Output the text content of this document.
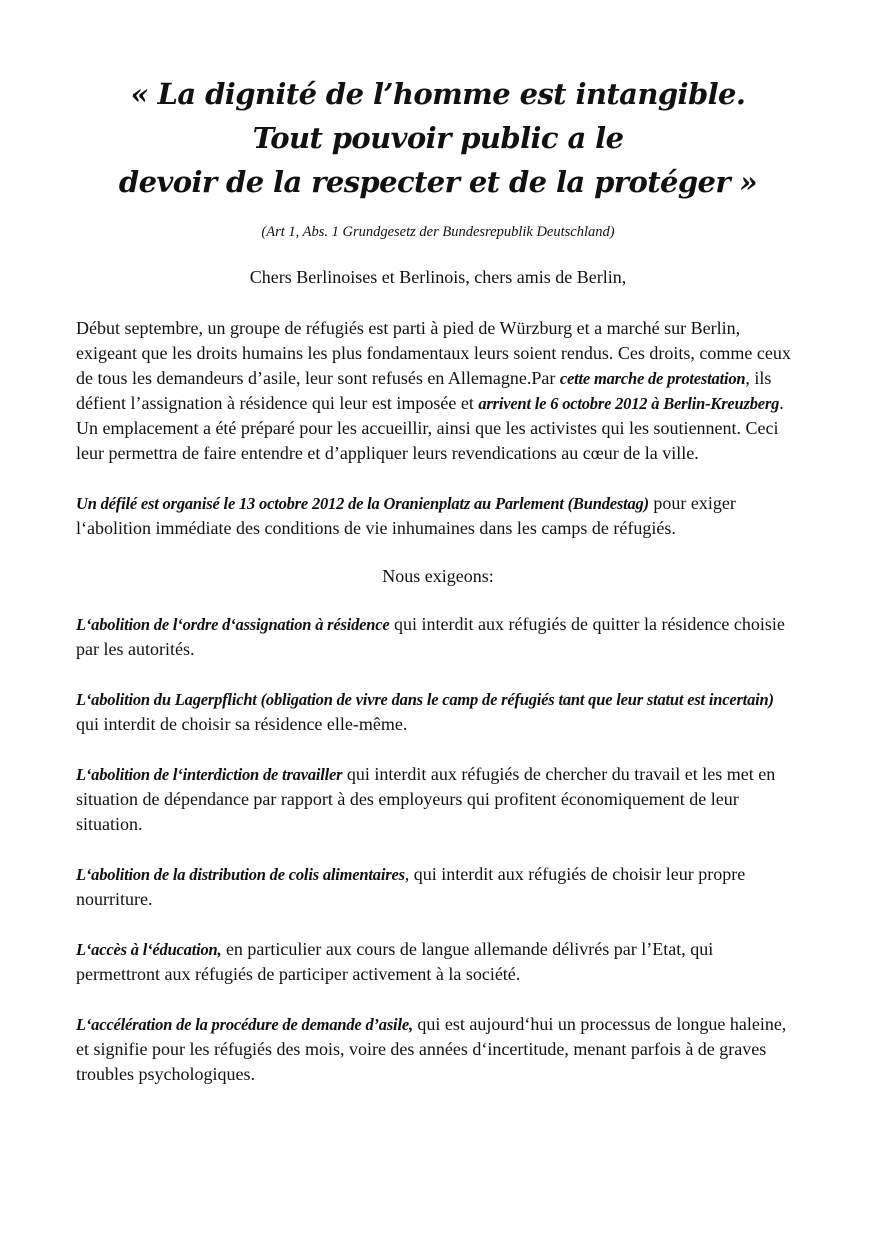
« La dignité de l’homme est intangible.
Tout pouvoir public a le
devoir de la respecter et de la protéger »
(Art 1, Abs. 1 Grundgesetz der Bundesrepublik Deutschland)
Chers Berlinoises et Berlinois, chers amis de Berlin,

Début septembre, un groupe de réfugiés est parti à pied de Würzburg et a marché sur Berlin, exigeant que les droits humains les plus fondamentaux leurs soient rendus. Ces droits, comme ceux de tous les demandeurs d’asile, leur sont refusés en Allemagne.Par cette marche de protestation, ils défient l’assignation à résidence qui leur est imposée et arrivent le 6 octobre 2012 à Berlin-Kreuzberg. Un emplacement a été préparé pour les accueillir, ainsi que les activistes qui les soutiennent. Ceci leur permettra de faire entendre et d’appliquer leurs revendications au cœur de la ville.

Un défilé est organisé le 13 octobre 2012 de la Oranienplatz au Parlement (Bundestag) pour exiger l‘abolition immédiate des conditions de vie inhumaines dans les camps de réfugiés.

Nous exigeons:

L‘abolition de l‘ordre d‘assignation à résidence qui interdit aux réfugiés de quitter la résidence choisie par les autorités.

L‘abolition du Lagerpflicht (obligation de vivre dans le camp de réfugiés tant que leur statut est incertain) qui interdit de choisir sa résidence elle-même.

L‘abolition de l‘interdiction de travailler qui interdit aux réfugiés de chercher du travail et les met en situation de dépendance par rapport à des employeurs qui profitent économiquement de leur situation.

L‘abolition de la distribution de colis alimentaires, qui interdit aux réfugiés de choisir leur propre nourriture.

L‘accès à l‘éducation, en particulier aux cours de langue allemande délivrés par l’Etat, qui permettront aux réfugiés de participer activement à la société.

L‘accélération de la procédure de demande d’asile, qui est aujourd‘hui un processus de longue haleine, et signifie pour les réfugiés des mois, voire des années d‘incertitude, menant parfois à de graves troubles psychologiques.
